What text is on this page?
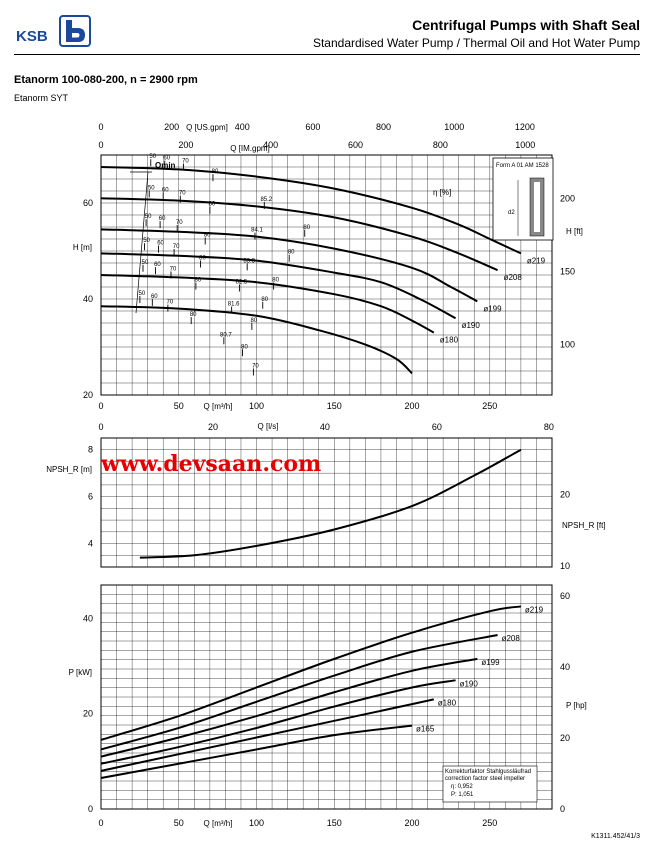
KSB
Centrifugal Pumps with Shaft Seal
Standardised Water Pump / Thermal Oil and Hot Water Pump
Etanorm 100-080-200, n = 2900 rpm
Etanorm SYT
K1311.452/41/3
ø219
ø208
ø199
ø190
ø180
50 60 70
80
85.2
80
50 60
70
80
84.1
80
50 60
70
80
83.3
80
50 60
70
80
82.5
80
50 60
70
80
81.6
80
50 60
70
80
80.7
80
70
20
40
60
H [m]
100
150
200
H [ft]
0	50	100	150	200	250
Q [m³/h]
0	200	400	600	800	1000	1200
Q [US.gpm]
0	200	400	600	800	1000
Q [IM.gpm]
0	20	40	60	80
Q [l/s]
Qmin
η [%]
Form A 01 AM 1528
d2
4
6
8
NPSH_R [m]
10
20
NPSH_R [ft]
ø219
ø208
ø199
ø190
ø180
ø165
0
20
40
P [kW]
0
20
40
60
P [hp]
0	50	100	150	200	250
Q [m³/h]
Korrekturfaktor Stahlgussläufrad
correction factor steel impeller
η: 0,952
P: 1,051
www.devsaan.com
